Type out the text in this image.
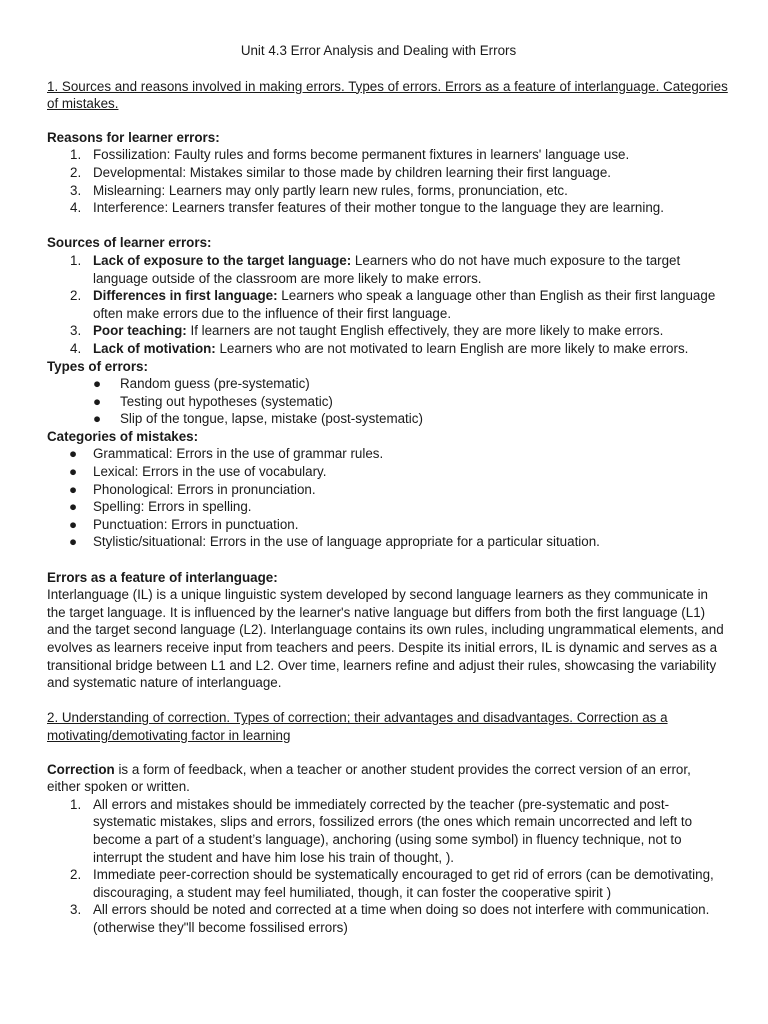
Unit 4.3 Error Analysis and Dealing with Errors
1. Sources and reasons involved in making errors. Types of errors. Errors as a feature of interlanguage. Categories of mistakes.
Reasons for learner errors:
1. Fossilization: Faulty rules and forms become permanent fixtures in learners' language use.
2. Developmental: Mistakes similar to those made by children learning their first language.
3. Mislearning: Learners may only partly learn new rules, forms, pronunciation, etc.
4. Interference: Learners transfer features of their mother tongue to the language they are learning.
Sources of learner errors:
1. Lack of exposure to the target language: Learners who do not have much exposure to the target language outside of the classroom are more likely to make errors.
2. Differences in first language: Learners who speak a language other than English as their first language often make errors due to the influence of their first language.
3. Poor teaching: If learners are not taught English effectively, they are more likely to make errors.
4. Lack of motivation: Learners who are not motivated to learn English are more likely to make errors.
Types of errors:
● Random guess (pre-systematic)
● Testing out hypotheses (systematic)
● Slip of the tongue, lapse, mistake (post-systematic)
Categories of mistakes:
● Grammatical: Errors in the use of grammar rules.
● Lexical: Errors in the use of vocabulary.
● Phonological: Errors in pronunciation.
● Spelling: Errors in spelling.
● Punctuation: Errors in punctuation.
● Stylistic/situational: Errors in the use of language appropriate for a particular situation.
Errors as a feature of interlanguage:

Interlanguage (IL) is a unique linguistic system developed by second language learners as they communicate in the target language. It is influenced by the learner's native language but differs from both the first language (L1) and the target second language (L2). Interlanguage contains its own rules, including ungrammatical elements, and evolves as learners receive input from teachers and peers. Despite its initial errors, IL is dynamic and serves as a transitional bridge between L1 and L2. Over time, learners refine and adjust their rules, showcasing the variability and systematic nature of interlanguage.

2. Understanding of correction. Types of correction; their advantages and disadvantages. Correction as a motivating/demotivating factor in learning

Correction is a form of feedback, when a teacher or another student provides the correct version of an error, either spoken or written.

1. All errors and mistakes should be immediately corrected by the teacher (pre-systematic and post-systematic mistakes, slips and errors, fossilized errors (the ones which remain uncorrected and left to become a part of a student’s language), anchoring (using some symbol) in fluency technique, not to interrupt the student and have him lose his train of thought, ).
2. Immediate peer-correction should be systematically encouraged to get rid of errors (can be demotivating, discouraging, a student may feel humiliated, though, it can foster the cooperative spirit )
3. All errors should be noted and corrected at a time when doing so does not interfere with communication. (otherwise they"ll become fossilised errors)
